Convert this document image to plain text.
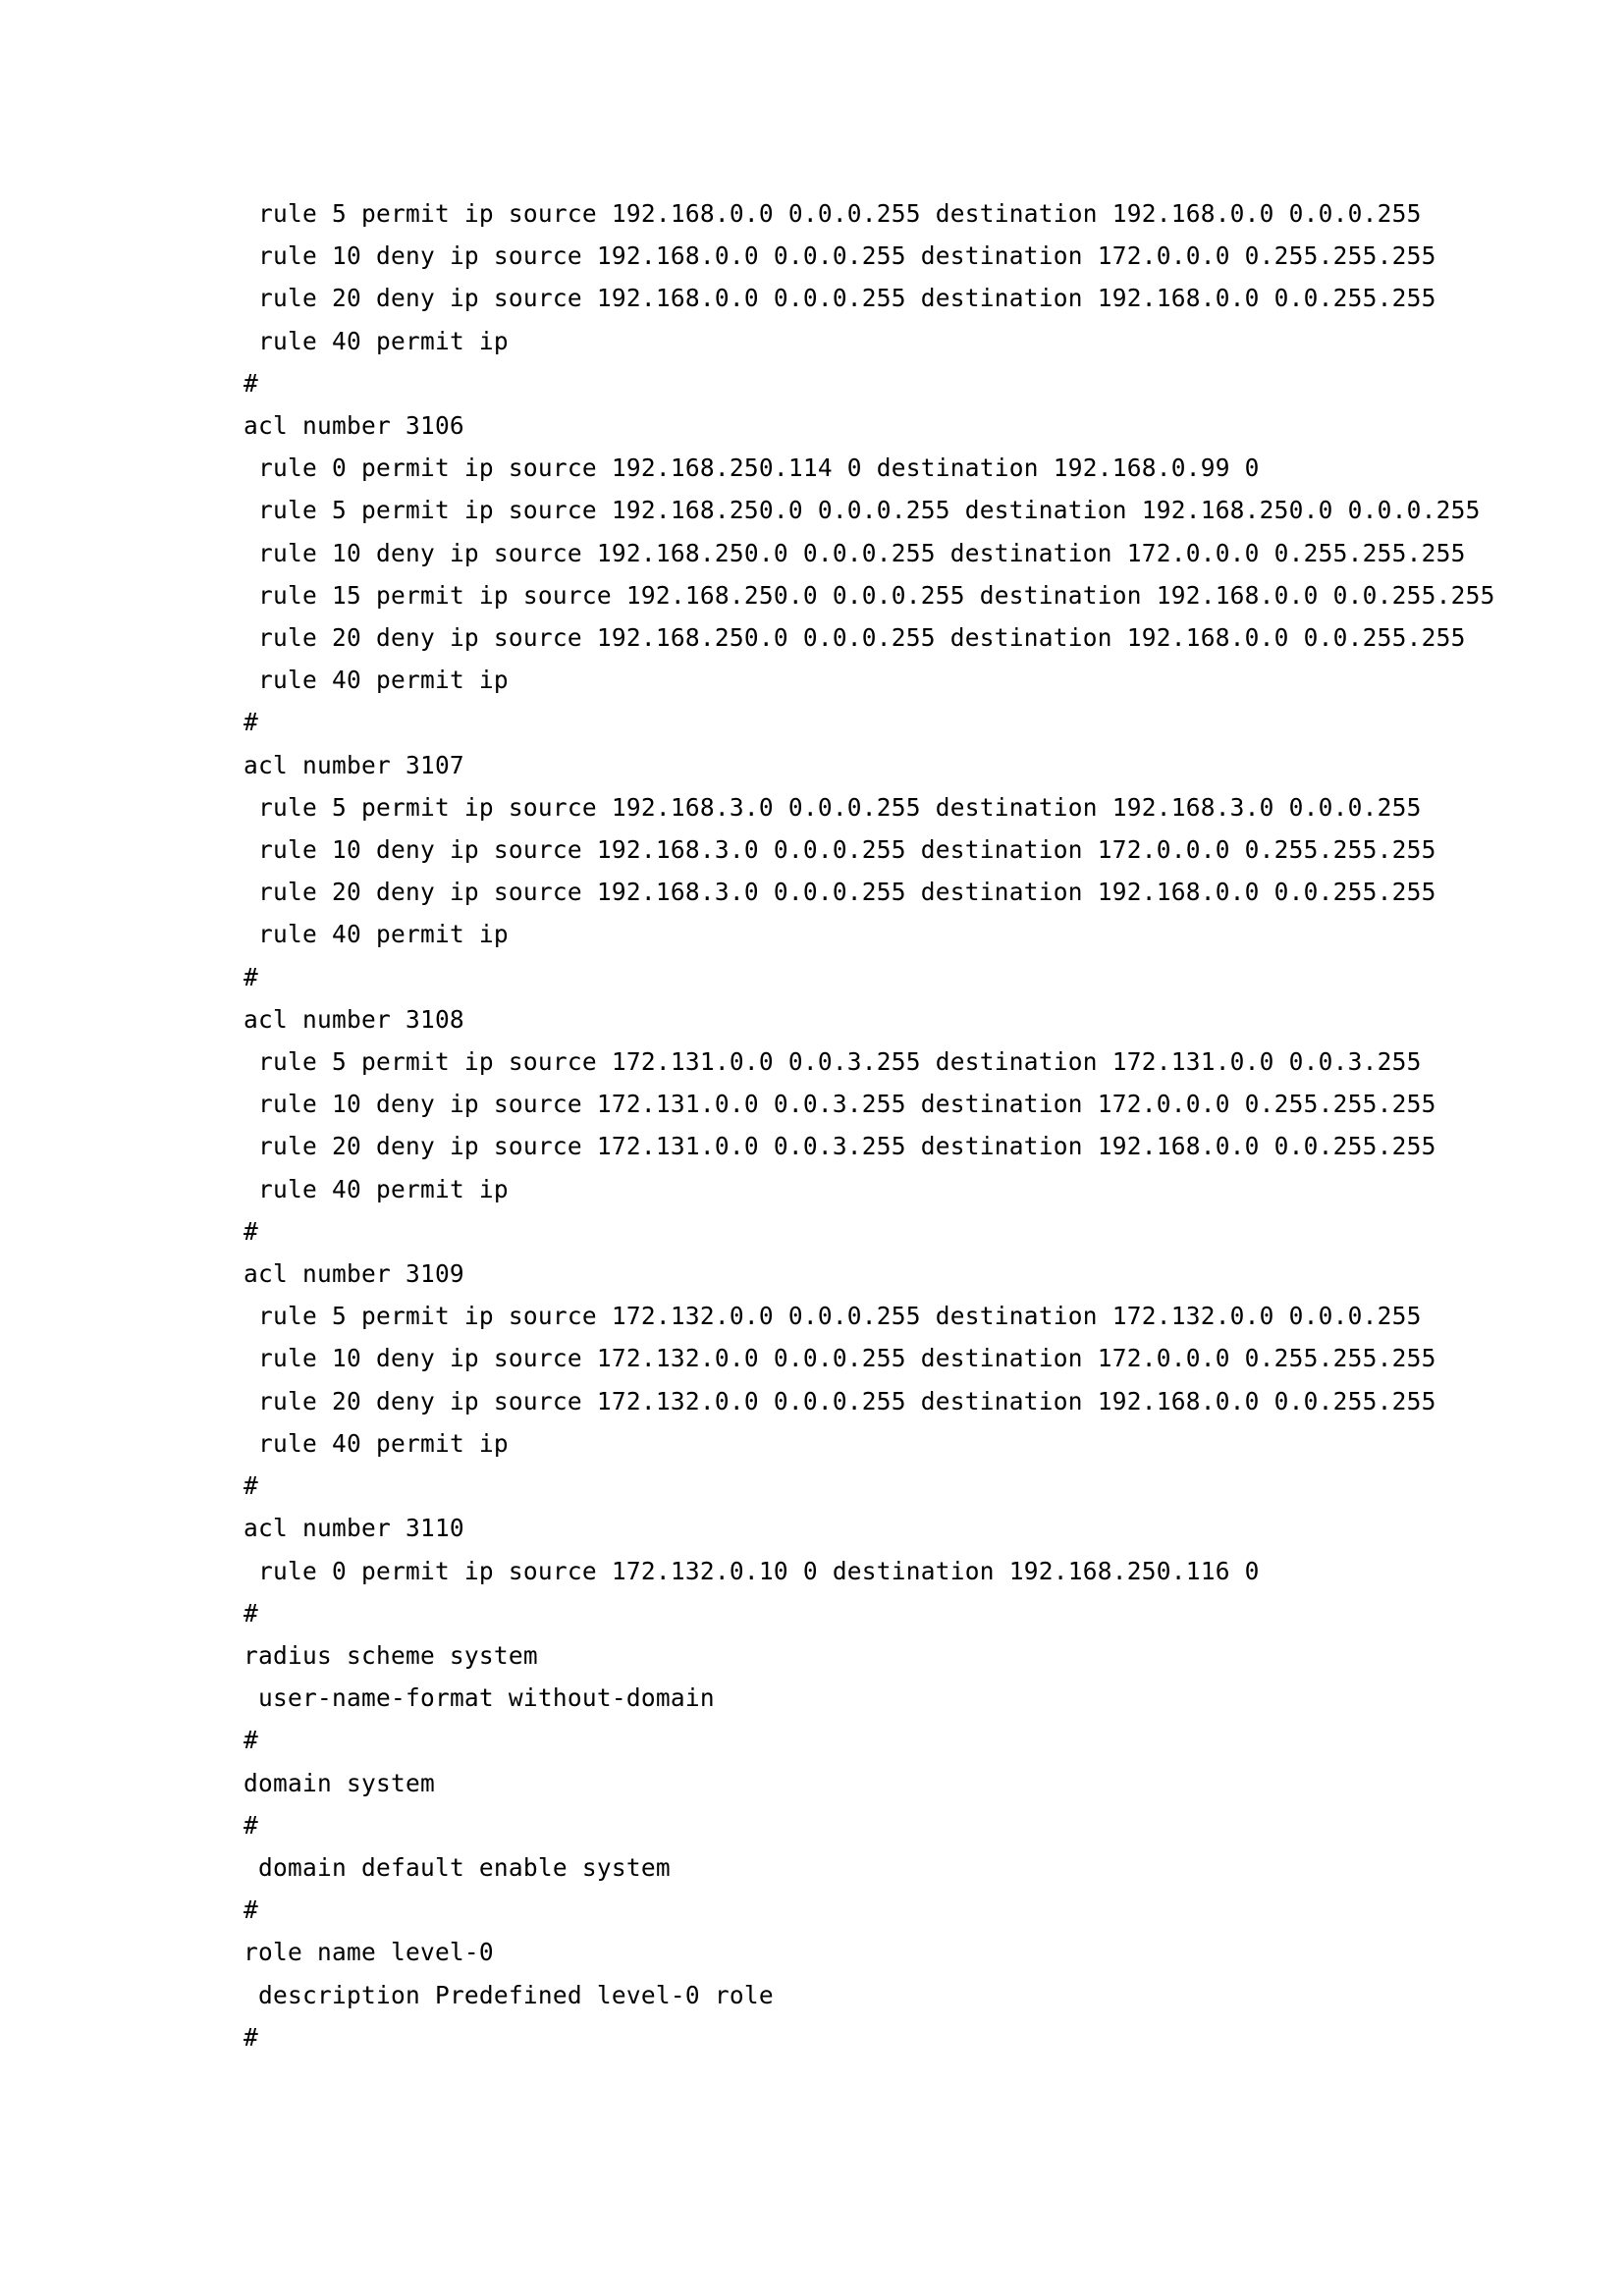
rule 5 permit ip source 192.168.0.0 0.0.0.255 destination 192.168.0.0 0.0.0.255
rule 10 deny ip source 192.168.0.0 0.0.0.255 destination 172.0.0.0 0.255.255.255
rule 20 deny ip source 192.168.0.0 0.0.0.255 destination 192.168.0.0 0.0.255.255
rule 40 permit ip
#
acl number 3106
rule 0 permit ip source 192.168.250.114 0 destination 192.168.0.99 0
rule 5 permit ip source 192.168.250.0 0.0.0.255 destination 192.168.250.0 0.0.0.255
rule 10 deny ip source 192.168.250.0 0.0.0.255 destination 172.0.0.0 0.255.255.255
rule 15 permit ip source 192.168.250.0 0.0.0.255 destination 192.168.0.0 0.0.255.255
rule 20 deny ip source 192.168.250.0 0.0.0.255 destination 192.168.0.0 0.0.255.255
rule 40 permit ip
#
acl number 3107
rule 5 permit ip source 192.168.3.0 0.0.0.255 destination 192.168.3.0 0.0.0.255
rule 10 deny ip source 192.168.3.0 0.0.0.255 destination 172.0.0.0 0.255.255.255
rule 20 deny ip source 192.168.3.0 0.0.0.255 destination 192.168.0.0 0.0.255.255
rule 40 permit ip
#
acl number 3108
rule 5 permit ip source 172.131.0.0 0.0.3.255 destination 172.131.0.0 0.0.3.255
rule 10 deny ip source 172.131.0.0 0.0.3.255 destination 172.0.0.0 0.255.255.255
rule 20 deny ip source 172.131.0.0 0.0.3.255 destination 192.168.0.0 0.0.255.255
rule 40 permit ip
#
acl number 3109
rule 5 permit ip source 172.132.0.0 0.0.0.255 destination 172.132.0.0 0.0.0.255
rule 10 deny ip source 172.132.0.0 0.0.0.255 destination 172.0.0.0 0.255.255.255
rule 20 deny ip source 172.132.0.0 0.0.0.255 destination 192.168.0.0 0.0.255.255
rule 40 permit ip
#
acl number 3110
rule 0 permit ip source 172.132.0.10 0 destination 192.168.250.116 0
#
radius scheme system
user-name-format without-domain
#
domain system
#
domain default enable system
#
role name level-0
description Predefined level-0 role
#
